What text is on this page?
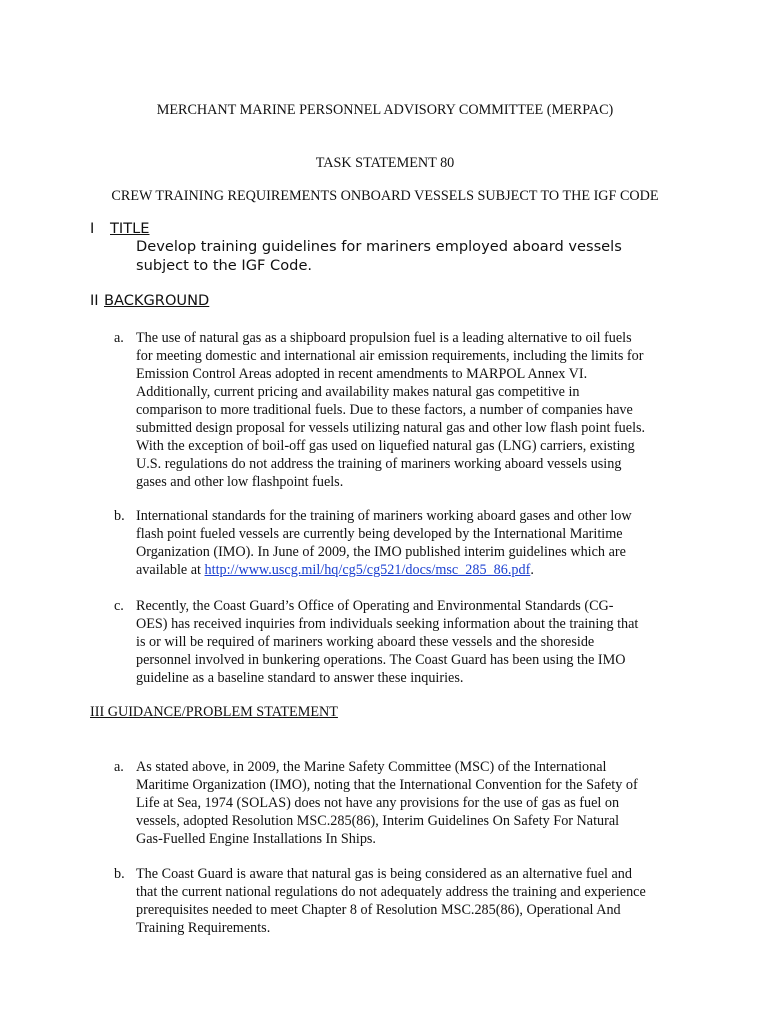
MERCHANT MARINE PERSONNEL ADVISORY COMMITTEE (MERPAC)
TASK STATEMENT 80
CREW TRAINING REQUIREMENTS ONBOARD VESSELS SUBJECT TO THE IGF CODE
I TITLE
Develop training guidelines for mariners employed aboard vessels
subject to the IGF Code.
II BACKGROUND
a. The use of natural gas as a shipboard propulsion fuel is a leading alternative to oil fuels
for meeting domestic and international air emission requirements, including the limits for
Emission Control Areas adopted in recent amendments to MARPOL Annex VI.
Additionally, current pricing and availability makes natural gas competitive in
comparison to more traditional fuels. Due to these factors, a number of companies have
submitted design proposal for vessels utilizing natural gas and other low flash point fuels.
With the exception of boil-off gas used on liquefied natural gas (LNG) carriers, existing
U.S. regulations do not address the training of mariners working aboard vessels using
gases and other low flashpoint fuels.
b. International standards for the training of mariners working aboard gases and other low
flash point fueled vessels are currently being developed by the International Maritime
Organization (IMO). In June of 2009, the IMO published interim guidelines which are
available at http://www.uscg.mil/hq/cg5/cg521/docs/msc_285_86.pdf.
c. Recently, the Coast Guard’s Office of Operating and Environmental Standards (CG-
OES) has received inquiries from individuals seeking information about the training that
is or will be required of mariners working aboard these vessels and the shoreside
personnel involved in bunkering operations. The Coast Guard has been using the IMO
guideline as a baseline standard to answer these inquiries.
III GUIDANCE/PROBLEM STATEMENT
a. As stated above, in 2009, the Marine Safety Committee (MSC) of the International
Maritime Organization (IMO), noting that the International Convention for the Safety of
Life at Sea, 1974 (SOLAS) does not have any provisions for the use of gas as fuel on
vessels, adopted Resolution MSC.285(86), Interim Guidelines On Safety For Natural
Gas-Fuelled Engine Installations In Ships.
b. The Coast Guard is aware that natural gas is being considered as an alternative fuel and
that the current national regulations do not adequately address the training and experience
prerequisites needed to meet Chapter 8 of Resolution MSC.285(86), Operational And
Training Requirements.
